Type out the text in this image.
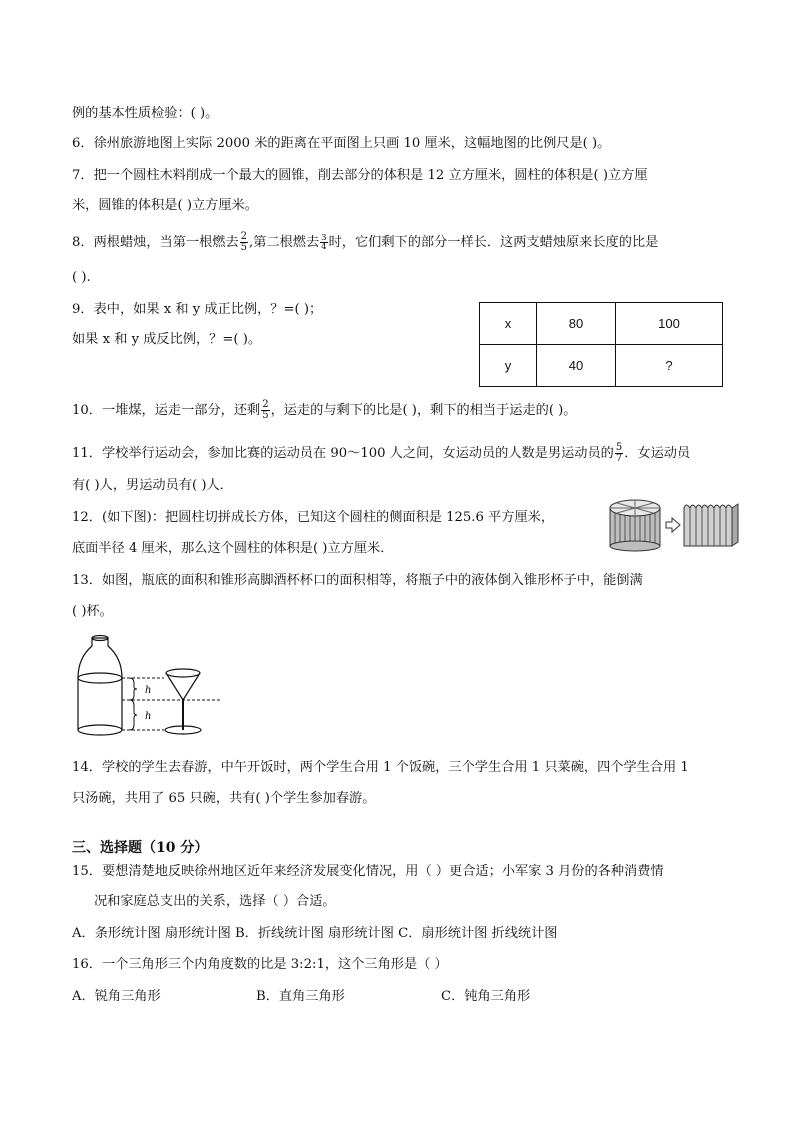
例的基本性质检验：( )。
6．徐州旅游地图上实际 2000 米的距离在平面图上只画 10 厘米，这幅地图的比例尺是( )。
7．把一个圆柱木料削成一个最大的圆锥，削去部分的体积是 12 立方厘米，圆柱的体积是( )立方厘
米，圆锥的体积是( )立方厘米。
8．两根蜡烛，当第一根燃去 $\frac{2}{5}$ ,第二根燃去 $\frac{3}{4}$ 时，它们剩下的部分一样长．这两支蜡烛原来长度的比是
( ).
9．表中，如果 x 和 y 成正比例，？=( )；
如果 x 和 y 成反比例，？=( )。
x	80	100
y	40	?
10．一堆煤，运走一部分，还剩 $\frac{2}{5}$ ，运走的与剩下的比是( )，剩下的相当于运走的( )。
11．学校举行运动会，参加比赛的运动员在 90～100 人之间，女运动员的人数是男运动员的 $\frac{5}{7}$ ．女运动员
有( )人，男运动员有( )人．
12．(如下图)：把圆柱切拼成长方体，已知这个圆柱的侧面积是 125.6 平方厘米，
底面半径 4 厘米，那么这个圆柱的体积是( )立方厘米．
13．如图，瓶底的面积和锥形高脚酒杯杯口的面积相等，将瓶子中的液体倒入锥形杯子中，能倒满
( )杯。
h
h
14．学校的学生去春游，中午开饭时，两个学生合用 1 个饭碗，三个学生合用 1 只菜碗，四个学生合用 1
只汤碗，共用了 65 只碗，共有( )个学生参加春游。
三、选择题（10 分）
15．要想清楚地反映徐州地区近年来经济发展变化情况，用（ ）更合适；小军家 3 月份的各种消费情
况和家庭总支出的关系，选择（ ）合适。
A．条形统计图 扇形统计图 B．折线统计图 扇形统计图 C．扇形统计图 折线统计图
16．一个三角形三个内角度数的比是 3:2:1，这个三角形是（ ）
A．锐角三角形	B．直角三角形	C．钝角三角形
